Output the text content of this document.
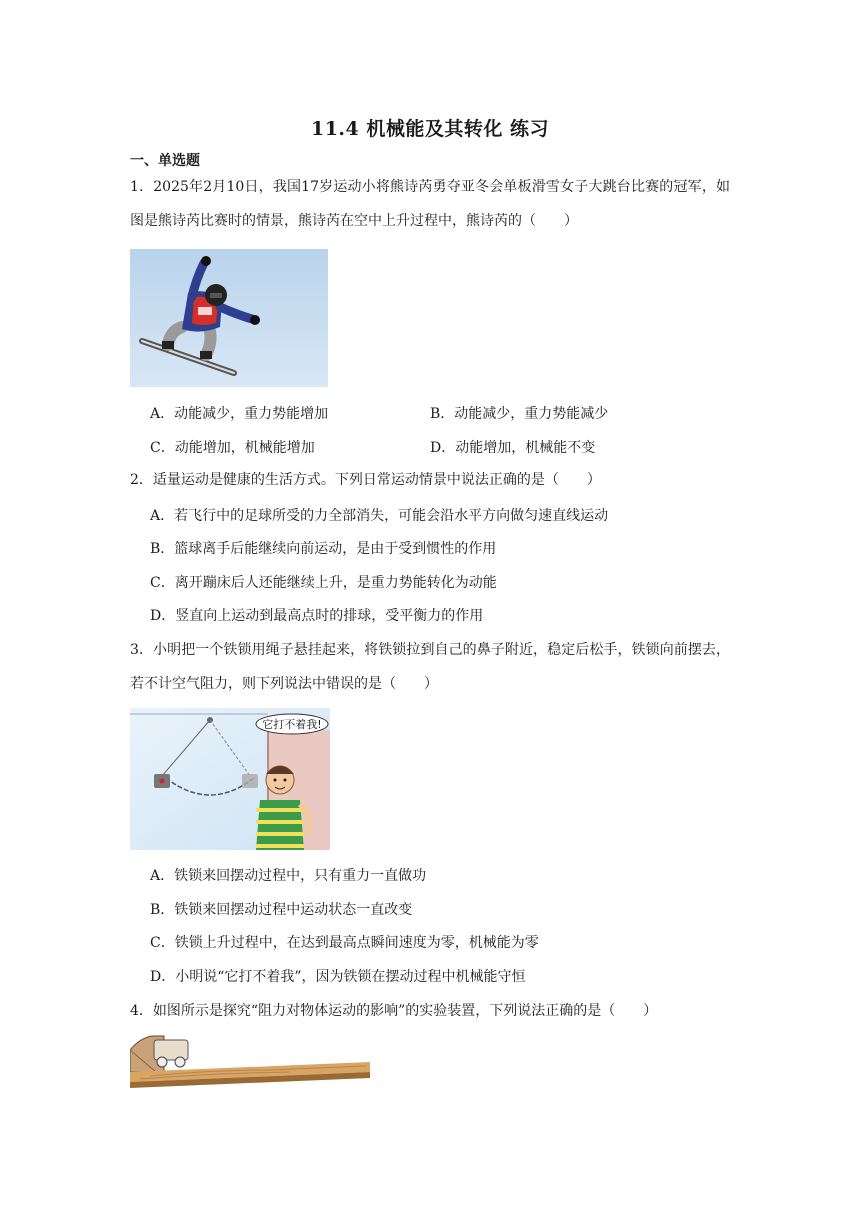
11.4 机械能及其转化 练习
一、单选题
1．2025年2月10日，我国17岁运动小将熊诗芮勇夺亚冬会单板滑雪女子大跳台比赛的冠军，如图是熊诗芮比赛时的情景，熊诗芮在空中上升过程中，熊诗芮的（　　）
A．动能减少，重力势能增加	B．动能减少，重力势能减少
C．动能增加，机械能增加	D．动能增加，机械能不变
2．适量运动是健康的生活方式。下列日常运动情景中说法正确的是（　　）
A．若飞行中的足球所受的力全部消失，可能会沿水平方向做匀速直线运动
B．篮球离手后能继续向前运动，是由于受到惯性的作用
C．离开蹦床后人还能继续上升，是重力势能转化为动能
D．竖直向上运动到最高点时的排球，受平衡力的作用
3．小明把一个铁锁用绳子悬挂起来，将铁锁拉到自己的鼻子附近，稳定后松手，铁锁向前摆去，若不计空气阻力，则下列说法中错误的是（　　）
它打不着我!
A．铁锁来回摆动过程中，只有重力一直做功
B．铁锁来回摆动过程中运动状态一直改变
C．铁锁上升过程中，在达到最高点瞬间速度为零，机械能为零
D．小明说“它打不着我”，因为铁锁在摆动过程中机械能守恒
4．如图所示是探究“阻力对物体运动的影响”的实验装置，下列说法正确的是（　　）
